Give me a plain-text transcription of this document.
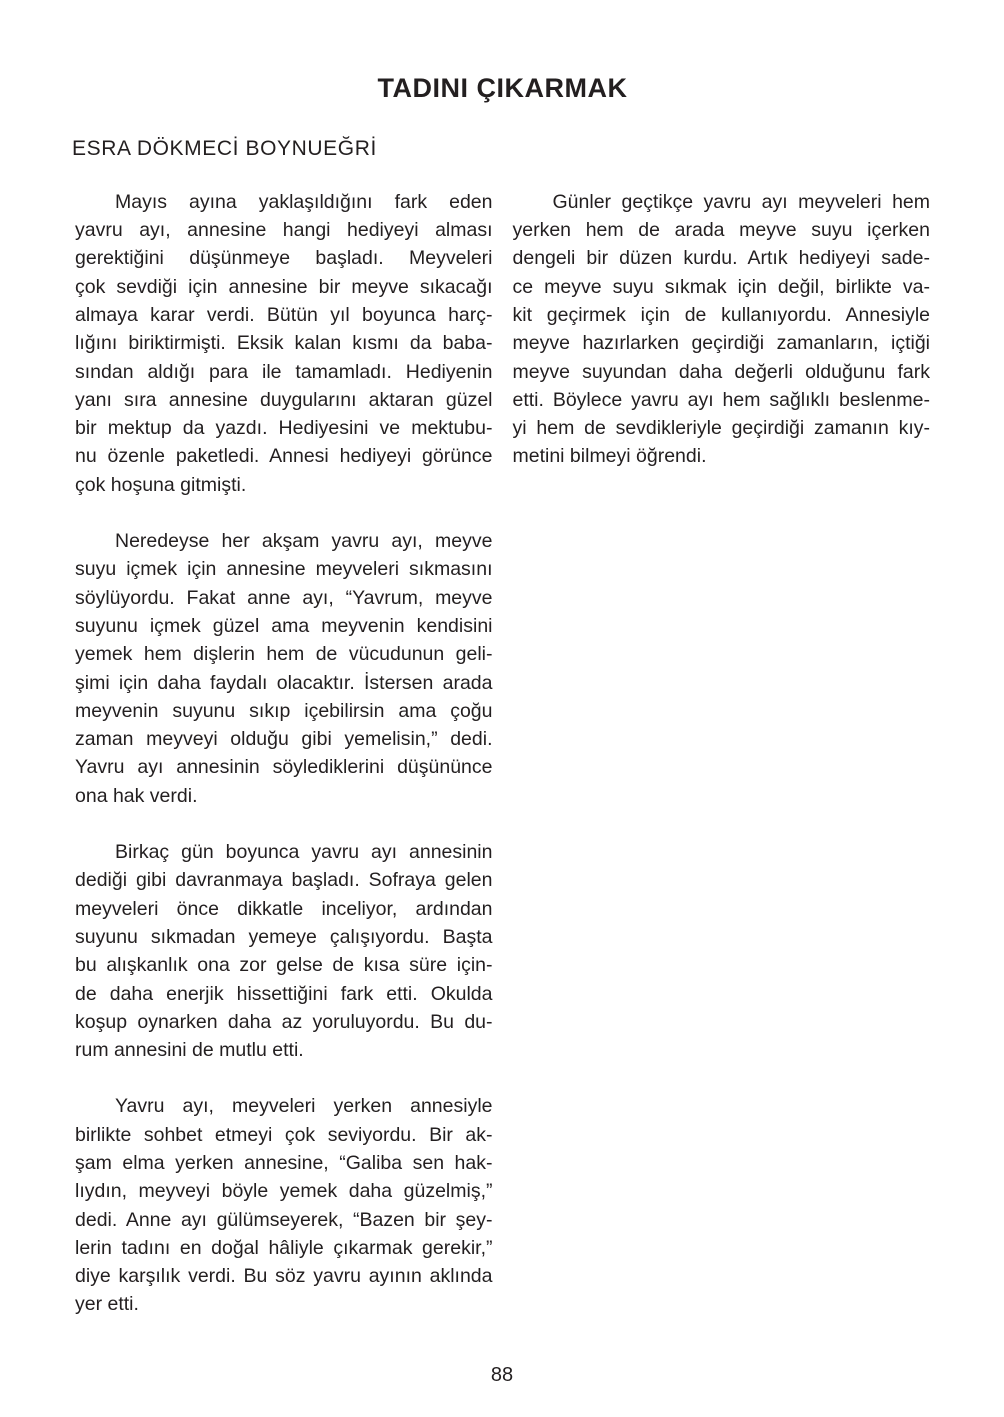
TADINI ÇIKARMAK
ESRA DÖKMECİ BOYNUEĞRİ

Mayıs ayına yaklaşıldığını fark eden
yavru ayı, annesine hangi hediyeyi alması
gerektiğini düşünmeye başladı. Meyveleri
çok sevdiği için annesine bir meyve sıkacağı
almaya karar verdi. Bütün yıl boyunca harç-
lığını biriktirmişti. Eksik kalan kısmı da baba-
sından aldığı para ile tamamladı. Hediyenin
yanı sıra annesine duygularını aktaran güzel
bir mektup da yazdı. Hediyesini ve mektubu-
nu özenle paketledi. Annesi hediyeyi görünce
çok hoşuna gitmişti.

Neredeyse her akşam yavru ayı, meyve
suyu içmek için annesine meyveleri sıkmasını
söylüyordu. Fakat anne ayı, “Yavrum, meyve
suyunu içmek güzel ama meyvenin kendisini
yemek hem dişlerin hem de vücudunun geli-
şimi için daha faydalı olacaktır. İstersen arada
meyvenin suyunu sıkıp içebilirsin ama çoğu
zaman meyveyi olduğu gibi yemelisin,” dedi.
Yavru ayı annesinin söylediklerini düşününce
ona hak verdi.

Birkaç gün boyunca yavru ayı annesinin
dediği gibi davranmaya başladı. Sofraya gelen
meyveleri önce dikkatle inceliyor, ardından
suyunu sıkmadan yemeye çalışıyordu. Başta
bu alışkanlık ona zor gelse de kısa süre için-
de daha enerjik hissettiğini fark etti. Okulda
koşup oynarken daha az yoruluyordu. Bu du-
rum annesini de mutlu etti.

Yavru ayı, meyveleri yerken annesiyle
birlikte sohbet etmeyi çok seviyordu. Bir ak-
şam elma yerken annesine, “Galiba sen hak-
lıydın, meyveyi böyle yemek daha güzelmiş,”
dedi. Anne ayı gülümseyerek, “Bazen bir şey-
lerin tadını en doğal hâliyle çıkarmak gerekir,”
diye karşılık verdi. Bu söz yavru ayının aklında
yer etti.

Günler geçtikçe yavru ayı meyveleri hem
yerken hem de arada meyve suyu içerken
dengeli bir düzen kurdu. Artık hediyeyi sade-
ce meyve suyu sıkmak için değil, birlikte va-
kit geçirmek için de kullanıyordu. Annesiyle
meyve hazırlarken geçirdiği zamanların, içtiği
meyve suyundan daha değerli olduğunu fark
etti. Böylece yavru ayı hem sağlıklı beslenme-
yi hem de sevdikleriyle geçirdiği zamanın kıy-
metini bilmeyi öğrendi.

88
